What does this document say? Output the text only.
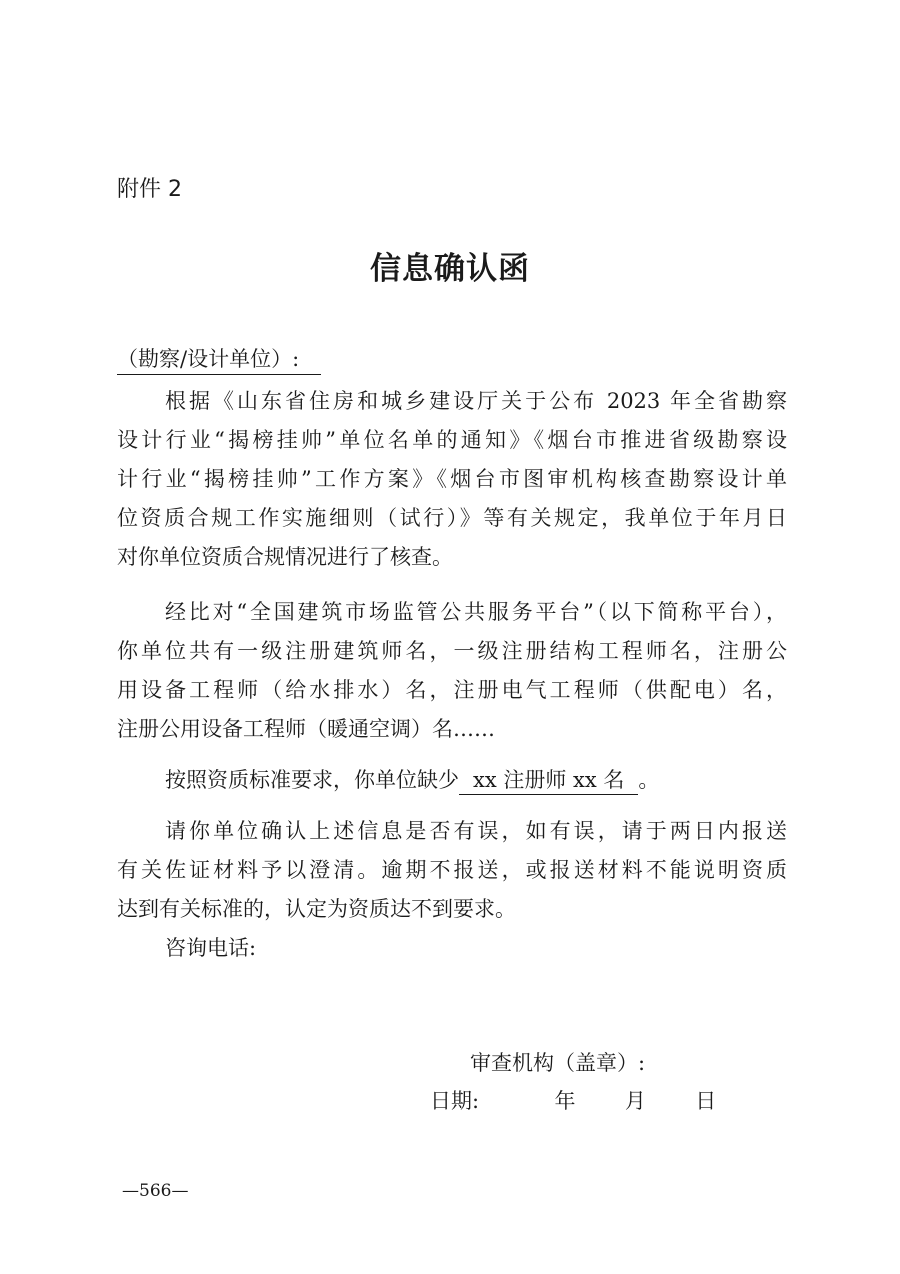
附件 2
信息确认函
（勘察/设计单位）:
根据《山东省住房和城乡建设厅关于公布 2023 年全省勘察
设计行业“揭榜挂帅”单位名单的通知》《烟台市推进省级勘察设
计行业“揭榜挂帅”工作方案》《烟台市图审机构核查勘察设计单
位资质合规工作实施细则（试行）》等有关规定，我单位于年月日
对你单位资质合规情况进行了核查。
经比对“全国建筑市场监管公共服务平台”（以下简称平台），
你单位共有一级注册建筑师名，一级注册结构工程师名，注册公
用设备工程师（给水排水）名，注册电气工程师（供配电）名，
注册公用设备工程师（暖通空调）名……
按照资质标准要求，你单位缺少 xx 注册师 xx 名 。
请你单位确认上述信息是否有误，如有误，请于两日内报送
有关佐证材料予以澄清。逾期不报送，或报送材料不能说明资质
达到有关标准的，认定为资质达不到要求。
咨询电话:
审查机构（盖章）:
日期:	年 月 日
—566—
